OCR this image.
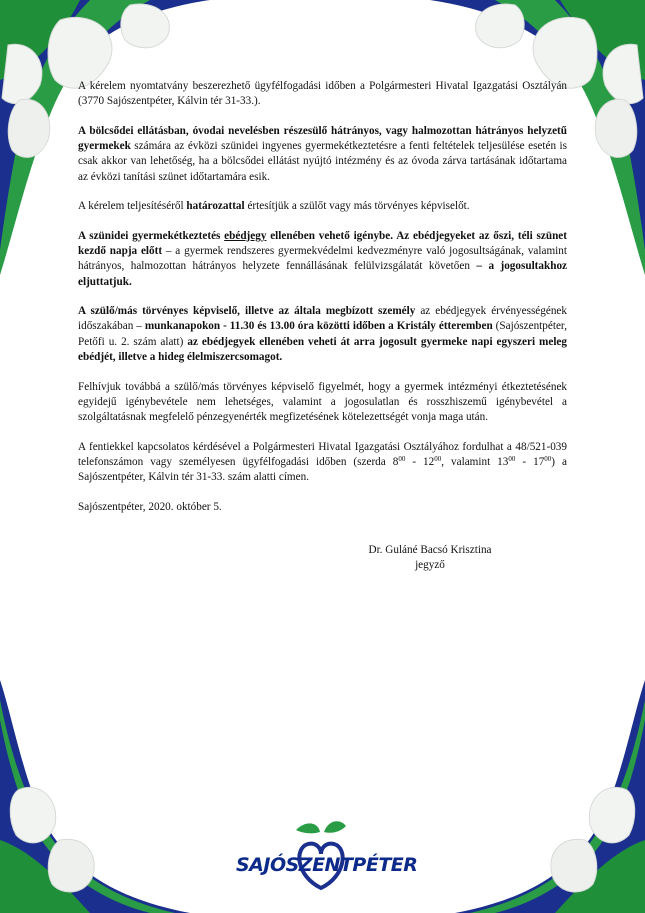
A kérelem nyomtatvány beszerezhető ügyfélfogadási időben a Polgármesteri Hivatal Igazgatási Osztályán (3770 Sajószentpéter, Kálvin tér 31-33.).

A bölcsődei ellátásban, óvodai nevelésben részesülő hátrányos, vagy halmozottan hátrányos helyzetű gyermekek számára az évközi szünidei ingyenes gyermekétkeztetésre a fenti feltételek teljesülése esetén is csak akkor van lehetőség, ha a bölcsődei ellátást nyújtó intézmény és az óvoda zárva tartásának időtartama az évközi tanítási szünet időtartamára esik.

A kérelem teljesítéséről határozattal értesítjük a szülőt vagy más törvényes képviselőt.

A szünidei gyermekétkeztetés ebédjegy ellenében vehető igénybe. Az ebédjegyeket az őszi, téli szünet kezdő napja előtt – a gyermek rendszeres gyermekvédelmi kedvezményre való jogosultságának, valamint hátrányos, halmozottan hátrányos helyzete fennállásának felülvizsgálatát követően – a jogosultakhoz eljuttatjuk.

A szülő/más törvényes képviselő, illetve az általa megbízott személy az ebédjegyek érvényességének időszakában – munkanapokon - 11.30 és 13.00 óra közötti időben a Kristály étteremben (Sajószentpéter, Petőfi u. 2. szám alatt) az ebédjegyek ellenében veheti át arra jogosult gyermeke napi egyszeri meleg ebédjét, illetve a hideg élelmiszercsomagot.

Felhívjuk továbbá a szülő/más törvényes képviselő figyelmét, hogy a gyermek intézményi étkeztetésének egyidejű igénybevétele nem lehetséges, valamint a jogosulatlan és rosszhiszemű igénybevétel a szolgáltatásnak megfelelő pénzegyenérték megfizetésének kötelezettségét vonja maga után.

A fentiekkel kapcsolatos kérdésével a Polgármesteri Hivatal Igazgatási Osztályához fordulhat a 48/521-039 telefonszámon vagy személyesen ügyfélfogadási időben (szerda $8^{00} - 12^{00}$, valamint $13^{00} - 17^{00}$) a Sajószentpéter, Kálvin tér 31-33. szám alatti címen.

Sajószentpéter, 2020. október 5.

Dr. Guláné Bacsó Krisztina
jegyző
SAJÓSZENTPÉTER
